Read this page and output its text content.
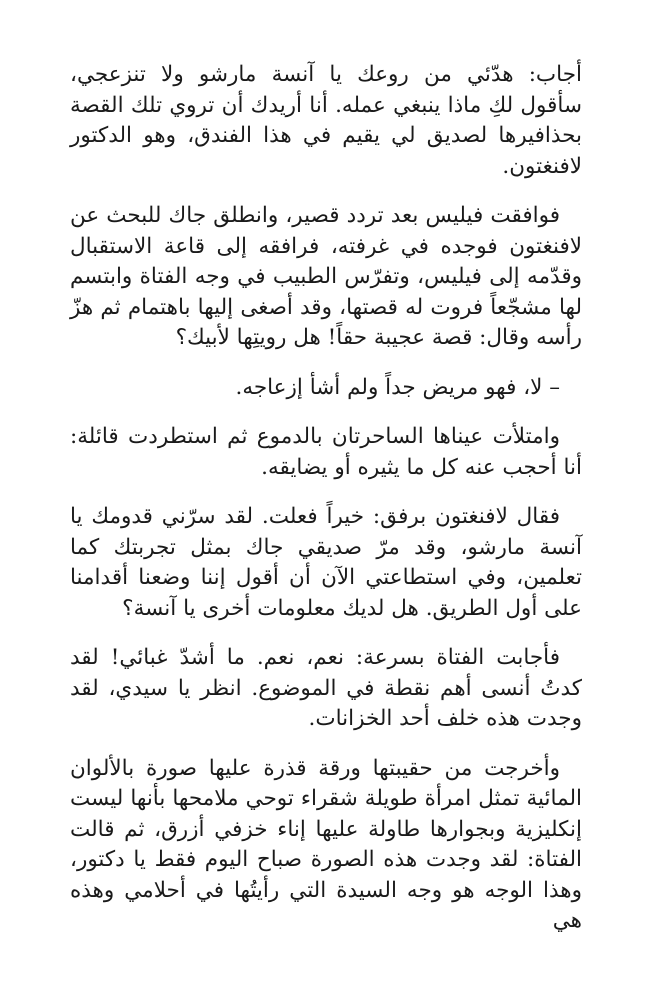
أجاب: هدّئي من روعك يا آنسة مارشو ولا تنزعجي، سأقول لكِ ماذا ينبغي عمله. أنا أريدك أن تروي تلك القصة بحذافيرها لصديق لي يقيم في هذا الفندق، وهو الدكتور لافنغتون.

فوافقت فيليس بعد تردد قصير، وانطلق جاك للبحث عن لافنغتون فوجده في غرفته، فرافقه إلى قاعة الاستقبال وقدّمه إلى فيليس، وتفرّس الطبيب في وجه الفتاة وابتسم لها مشجّعاً فروت له قصتها، وقد أصغى إليها باهتمام ثم هزّ رأسه وقال: قصة عجيبة حقاً! هل رويتِها لأبيك؟

– لا، فهو مريض جداً ولم أشأ إزعاجه.

وامتلأت عيناها الساحرتان بالدموع ثم استطردت قائلة: أنا أحجب عنه كل ما يثيره أو يضايقه.

فقال لافنغتون برفق: خيراً فعلت. لقد سرّني قدومك يا آنسة مارشو، وقد مرّ صديقي جاك بمثل تجربتك كما تعلمين، وفي استطاعتي الآن أن أقول إننا وضعنا أقدامنا على أول الطريق. هل لديك معلومات أخرى يا آنسة؟

فأجابت الفتاة بسرعة: نعم، نعم. ما أشدّ غبائي! لقد كدتُ أنسى أهم نقطة في الموضوع. انظر يا سيدي، لقد وجدت هذه خلف أحد الخزانات.

وأخرجت من حقيبتها ورقة قذرة عليها صورة بالألوان المائية تمثل امرأة طويلة شقراء توحي ملامحها بأنها ليست إنكليزية وبجوارها طاولة عليها إناء خزفي أزرق، ثم قالت الفتاة: لقد وجدت هذه الصورة صباح اليوم فقط يا دكتور، وهذا الوجه هو وجه السيدة التي رأيتُها في أحلامي وهذه هي
